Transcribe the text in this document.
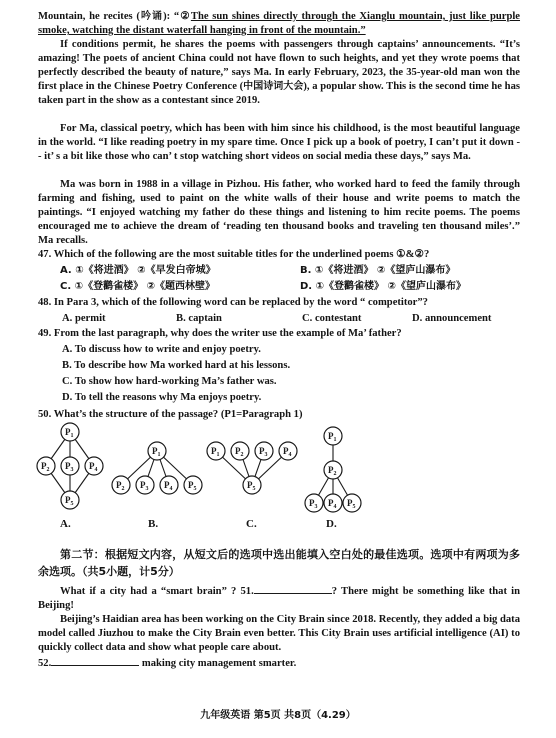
Mountain, he recites (吟诵): “②The sun shines directly through the Xianglu mountain, just like purple smoke, watching the distant waterfall hanging in front of the mountain.”

If conditions permit, he shares the poems with passengers through captains’ announcements. “It’s amazing! The poets of ancient China could not have flown to such heights, and yet they wrote poems that perfectly described the beauty of nature,” says Ma. In early February, 2023, the 35-year-old man won the first place in the Chinese Poetry Conference (中国诗词大会), a popular show. This is the second time he has taken part in the show as a contestant since 2019.

For Ma, classical poetry, which has been with him since his childhood, is the most beautiful language in the world. “I like reading poetry in my spare time. Once I pick up a book of poetry, I can’t put it down -- it’ s a bit like those who can’ t stop watching short videos on social media these days,” says Ma.

Ma was born in 1988 in a village in Pizhou. His father, who worked hard to feed the family through farming and fishing, used to paint on the white walls of their house and write poems to match the paintings. “I enjoyed watching my father do these things and listening to him recite poems. The poems encouraged me to achieve the dream of ‘reading ten thousand books and traveling ten thousand miles’.” Ma recalls.

47. Which of the following are the most suitable titles for the underlined poems ①&②?
A. ①《将进酒》 ②《早发白帝城》	B. ①《将进酒》 ②《望庐山瀑布》
C. ①《登鹳雀楼》 ②《题西林壁》	D. ①《登鹳雀楼》 ②《望庐山瀑布》
48. In Para 3, which of the following word can be replaced by the word “ competitor”?
A. permit	B. captain	C. contestant	D. announcement
49. From the last paragraph, why does the writer use the example of Ma’ father?
A. To discuss how to write and enjoy poetry.
B. To describe how Ma worked hard at his lessons.
C. To show how hard-working Ma’s father was.
D. To tell the reasons why Ma enjoys poetry.
50. What’s the structure of the passage? (P1=Paragraph 1)
$P_1$
$P_2$ $P_3$ $P_4$
$P_5$
$P_1$
$P_2$ $P_3$ $P_4$ $P_5$
$P_1$ $P_2$ $P_3$ $P_4$
$P_5$
$P_1$
$P_2$
$P_3$ $P_4$ $P_5$
A.	B.	C.	D.

第二节：根据短文内容，从短文后的选项中选出能填入空白处的最佳选项。选项中有两项为多余选项。（共5小题，计5分）

What if a city had a “smart brain” ? 51.	? There might be something like that in Beijing!

Beijing’s Haidian area has been working on the City Brain since 2018. Recently, they added a big data model called Jiuzhou to make the City Brain even better. This City Brain uses artificial intelligence (AI) to quickly collect data and show what people care about.

52.	making city management smarter.
九年级英语 第5页 共8页（4.29）
